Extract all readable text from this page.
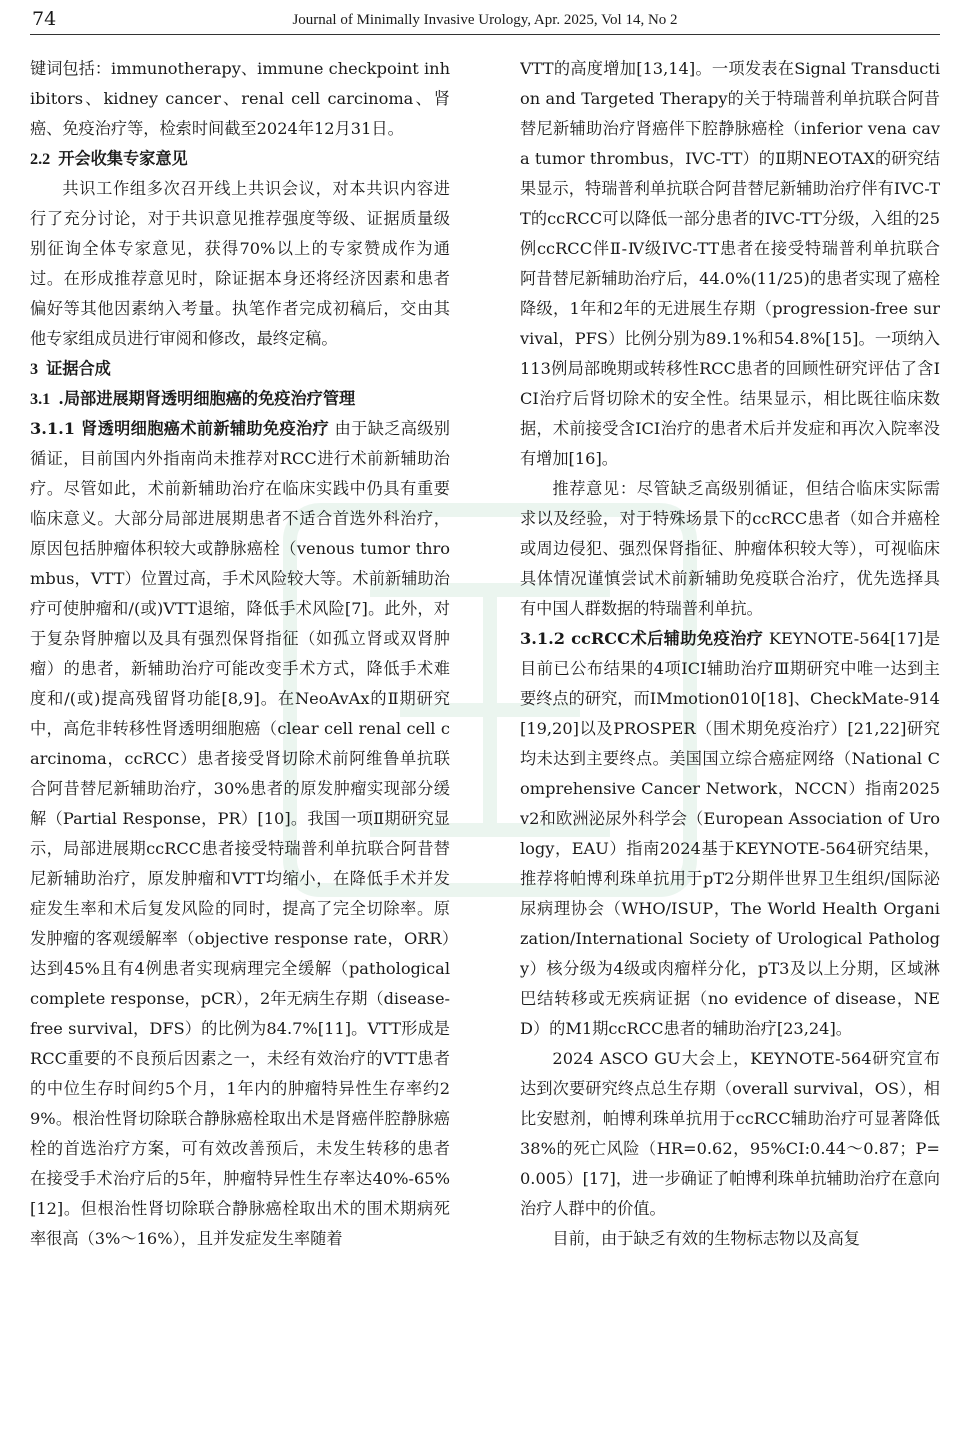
74	Journal of Minimally Invasive Urology, Apr. 2025, Vol 14, No 2

键词包括：immunotherapy、immune checkpoint inhibitors、kidney cancer、renal cell carcinoma、肾癌、免疫治疗等，检索时间截至2024年12月31日。

2.2 开会收集专家意见

共识工作组多次召开线上共识会议，对本共识内容进行了充分讨论，对于共识意见推荐强度等级、证据质量级别征询全体专家意见，获得70%以上的专家赞成作为通过。在形成推荐意见时，除证据本身还将经济因素和患者偏好等其他因素纳入考量。执笔作者完成初稿后，交由其他专家组成员进行审阅和修改，最终定稿。

3 证据合成

3.1 .局部进展期肾透明细胞癌的免疫治疗管理

3.1.1 肾透明细胞癌术前新辅助免疫治疗 由于缺乏高级别循证，目前国内外指南尚未推荐对RCC进行术前新辅助治疗。尽管如此，术前新辅助治疗在临床实践中仍具有重要临床意义。大部分局部进展期患者不适合首选外科治疗，原因包括肿瘤体积较大或静脉癌栓（venous tumor thrombus，VTT）位置过高，手术风险较大等。术前新辅助治疗可使肿瘤和/(或)VTT退缩，降低手术风险[7]。此外，对于复杂肾肿瘤以及具有强烈保肾指征（如孤立肾或双肾肿瘤）的患者，新辅助治疗可能改变手术方式，降低手术难度和/(或)提高残留肾功能[8,9]。在NeoAvAx的Ⅱ期研究中，高危非转移性肾透明细胞癌（clear cell renal cell carcinoma，ccRCC）患者接受肾切除术前阿维鲁单抗联合阿昔替尼新辅助治疗，30%患者的原发肿瘤实现部分缓解（Partial Response，PR）[10]。我国一项Ⅱ期研究显示，局部进展期ccRCC患者接受特瑞普利单抗联合阿昔替尼新辅助治疗，原发肿瘤和VTT均缩小，在降低手术并发症发生率和术后复发风险的同时，提高了完全切除率。原发肿瘤的客观缓解率（objective response rate，ORR）达到45%且有4例患者实现病理完全缓解（pathological complete response，pCR），2年无病生存期（disease-free survival，DFS）的比例为84.7%[11]。VTT形成是RCC重要的不良预后因素之一，未经有效治疗的VTT患者的中位生存时间约5个月，1年内的肿瘤特异性生存率约29%。根治性肾切除联合静脉癌栓取出术是肾癌伴腔静脉癌栓的首选治疗方案，可有效改善预后，未发生转移的患者在接受手术治疗后的5年，肿瘤特异性生存率达40%-65%[12]。但根治性肾切除联合静脉癌栓取出术的围术期病死率很高（3%～16%），且并发症发生率随着

VTT的高度增加[13,14]。一项发表在Signal Transduction and Targeted Therapy的关于特瑞普利单抗联合阿昔替尼新辅助治疗肾癌伴下腔静脉癌栓（inferior vena cava tumor thrombus，IVC-TT）的Ⅱ期NEOTAX的研究结果显示，特瑞普利单抗联合阿昔替尼新辅助治疗伴有IVC-TT的ccRCC可以降低一部分患者的IVC-TT分级，入组的25例ccRCC伴Ⅱ-Ⅳ级IVC-TT患者在接受特瑞普利单抗联合阿昔替尼新辅助治疗后，44.0%(11/25)的患者实现了癌栓降级，1年和2年的无进展生存期（progression-free survival，PFS）比例分别为89.1%和54.8%[15]。一项纳入113例局部晚期或转移性RCC患者的回顾性研究评估了含ICI治疗后肾切除术的安全性。结果显示，相比既往临床数据，术前接受含ICI治疗的患者术后并发症和再次入院率没有增加[16]。

推荐意见：尽管缺乏高级别循证，但结合临床实际需求以及经验，对于特殊场景下的ccRCC患者（如合并癌栓或周边侵犯、强烈保肾指征、肿瘤体积较大等），可视临床具体情况谨慎尝试术前新辅助免疫联合治疗，优先选择具有中国人群数据的特瑞普利单抗。

3.1.2 ccRCC术后辅助免疫治疗 KEYNOTE-564[17]是目前已公布结果的4项ICI辅助治疗Ⅲ期研究中唯一达到主要终点的研究，而IMmotion010[18]、CheckMate-914[19,20]以及PROSPER（围术期免疫治疗）[21,22]研究均未达到主要终点。美国国立综合癌症网络（National Comprehensive Cancer Network，NCCN）指南2025v2和欧洲泌尿外科学会（European Association of Urology，EAU）指南2024基于KEYNOTE-564研究结果，推荐将帕博利珠单抗用于pT2分期伴世界卫生组织/国际泌尿病理协会（WHO/ISUP，The World Health Organization/International Society of Urological Pathology）核分级为4级或肉瘤样分化，pT3及以上分期，区域淋巴结转移或无疾病证据（no evidence of disease，NED）的M1期ccRCC患者的辅助治疗[23,24]。

2024 ASCO GU大会上，KEYNOTE-564研究宣布达到次要研究终点总生存期（overall survival，OS），相比安慰剂，帕博利珠单抗用于ccRCC辅助治疗可显著降低38%的死亡风险（HR=0.62，95%CI:0.44～0.87；P=0.005）[17]，进一步确证了帕博利珠单抗辅助治疗在意向治疗人群中的价值。

目前，由于缺乏有效的生物标志物以及高复
